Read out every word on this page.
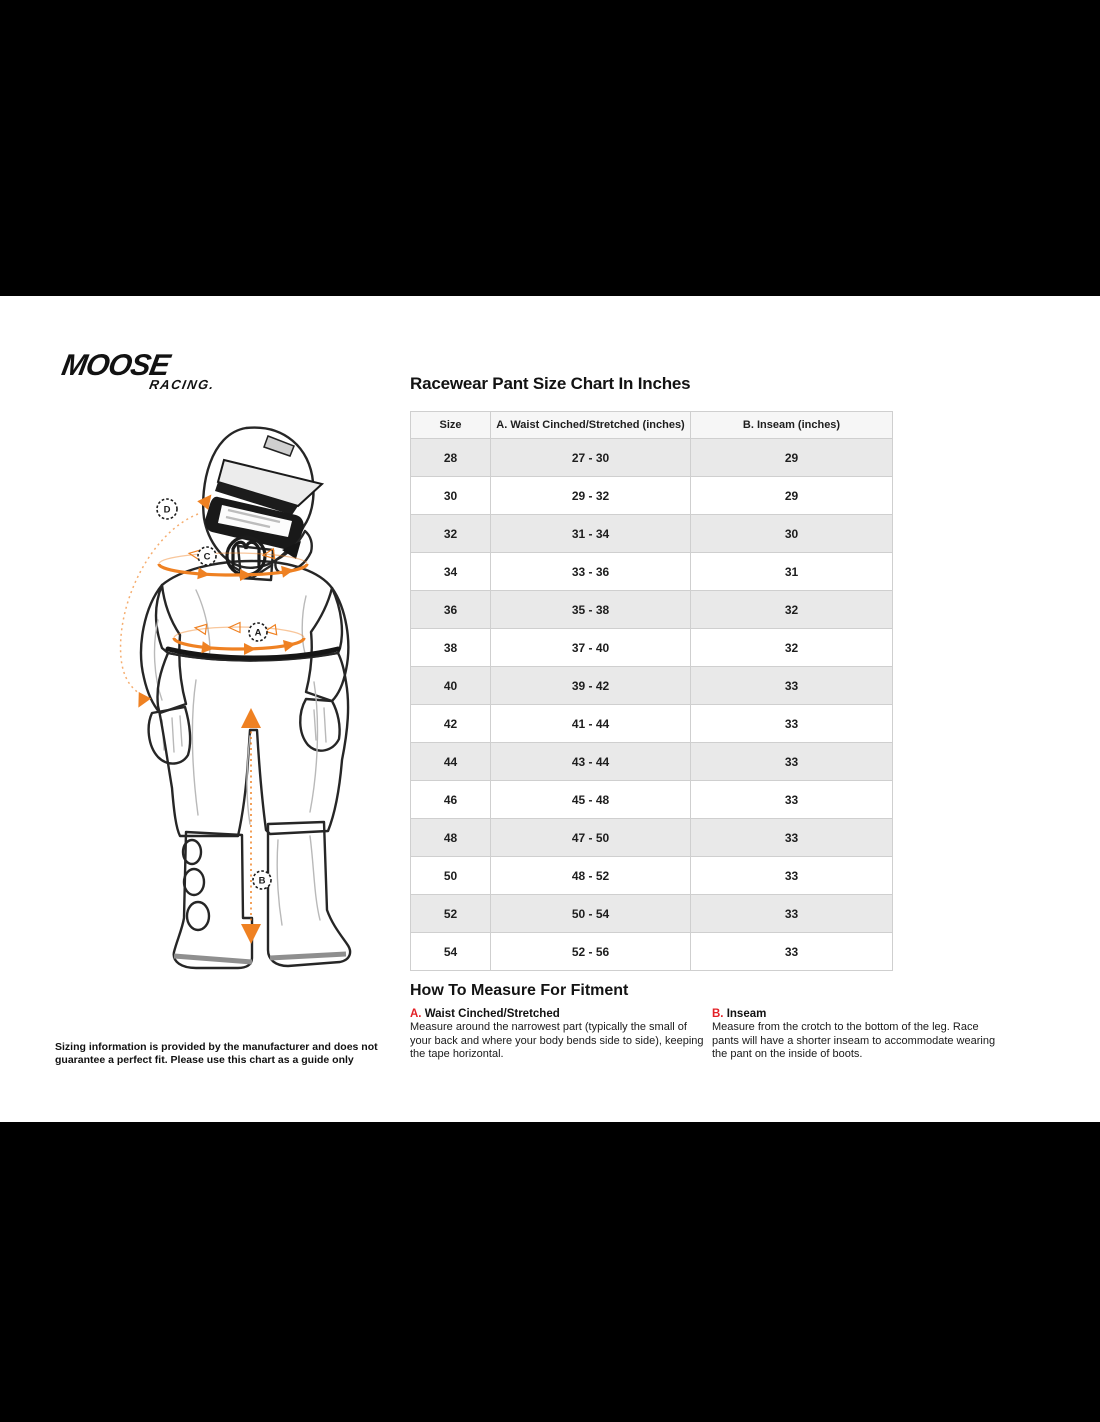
MOOSE
RACING.
D
C
A
B
Racewear Pant Size Chart In Inches
Size	A. Waist Cinched/Stretched (inches)	B. Inseam (inches)
28	27 - 30	29
30	29 - 32	29
32	31 - 34	30
34	33 - 36	31
36	35 - 38	32
38	37 - 40	32
40	39 - 42	33
42	41 - 44	33
44	43 - 44	33
46	45 - 48	33
48	47 - 50	33
50	48 - 52	33
52	50 - 54	33
54	52 - 56	33
How To Measure For Fitment
A. Waist Cinched/Stretched

Measure around the narrowest part (typically the small of your back and where your body bends side to side), keeping the tape horizontal.

B. Inseam

Measure from the crotch to the bottom of the leg. Race pants will have a shorter inseam to accommodate wearing the pant on the inside of boots.

Sizing information is provided by the manufacturer and does not guarantee a perfect fit. Please use this chart as a guide only
